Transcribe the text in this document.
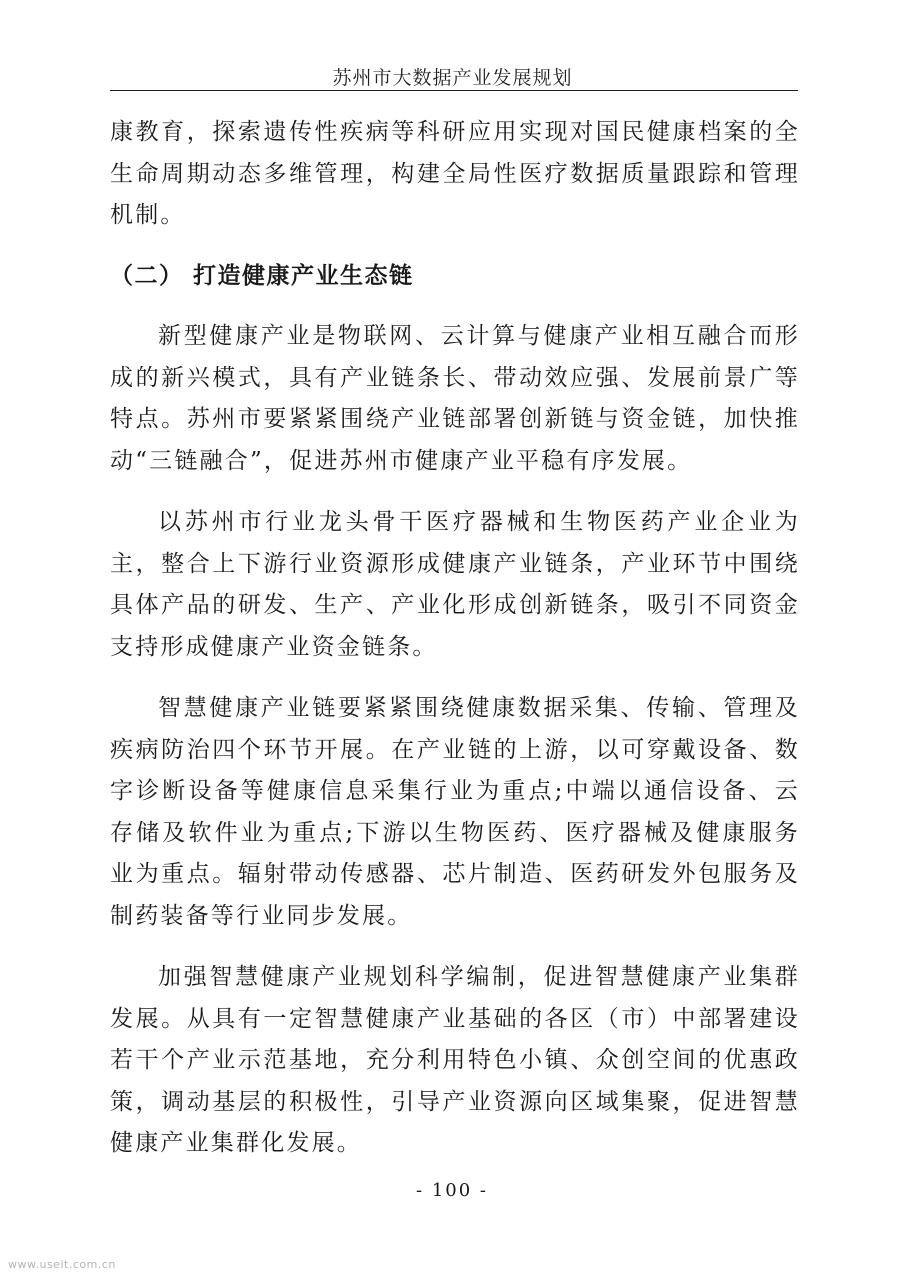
苏州市大数据产业发展规划

康教育，探索遗传性疾病等科研应用实现对国民健康档案的全生命周期动态多维管理，构建全局性医疗数据质量跟踪和管理机制。

（二） 打造健康产业生态链

新型健康产业是物联网、云计算与健康产业相互融合而形成的新兴模式，具有产业链条长、带动效应强、发展前景广等特点。苏州市要紧紧围绕产业链部署创新链与资金链，加快推动“三链融合”，促进苏州市健康产业平稳有序发展。

以苏州市行业龙头骨干医疗器械和生物医药产业企业为主，整合上下游行业资源形成健康产业链条，产业环节中围绕具体产品的研发、生产、产业化形成创新链条，吸引不同资金支持形成健康产业资金链条。

智慧健康产业链要紧紧围绕健康数据采集、传输、管理及疾病防治四个环节开展。在产业链的上游，以可穿戴设备、数字诊断设备等健康信息采集行业为重点;中端以通信设备、云存储及软件业为重点;下游以生物医药、医疗器械及健康服务业为重点。辐射带动传感器、芯片制造、医药研发外包服务及制药装备等行业同步发展。

加强智慧健康产业规划科学编制，促进智慧健康产业集群发展。从具有一定智慧健康产业基础的各区（市）中部署建设若干个产业示范基地，充分利用特色小镇、众创空间的优惠政策，调动基层的积极性，引导产业资源向区域集聚，促进智慧健康产业集群化发展。

- 100 -
www.useit.com.cn
